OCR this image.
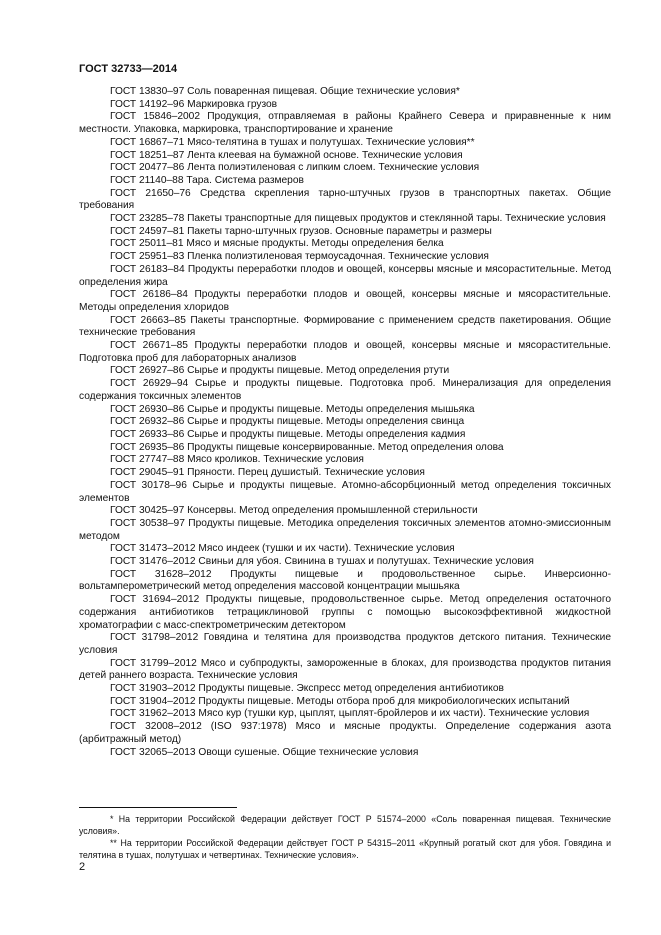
ГОСТ 32733—2014
ГОСТ 13830–97 Соль поваренная пищевая. Общие технические условия*
ГОСТ 14192–96 Маркировка грузов
ГОСТ 15846–2002 Продукция, отправляемая в районы Крайнего Севера и приравненные к ним местности. Упаковка, маркировка, транспортирование и хранение
ГОСТ 16867–71 Мясо-телятина в тушах и полутушах. Технические условия**
ГОСТ 18251–87 Лента клеевая на бумажной основе. Технические условия
ГОСТ 20477–86 Лента полиэтиленовая с липким слоем. Технические условия
ГОСТ 21140–88 Тара. Система размеров
ГОСТ 21650–76 Средства скрепления тарно-штучных грузов в транспортных пакетах. Общие требования
ГОСТ 23285–78 Пакеты транспортные для пищевых продуктов и стеклянной тары. Технические условия
ГОСТ 24597–81 Пакеты тарно-штучных грузов. Основные параметры и размеры
ГОСТ 25011–81 Мясо и мясные продукты. Методы определения белка
ГОСТ 25951–83 Пленка полиэтиленовая термоусадочная. Технические условия
ГОСТ 26183–84 Продукты переработки плодов и овощей, консервы мясные и мясорастительные. Метод определения жира
ГОСТ 26186–84 Продукты переработки плодов и овощей, консервы мясные и мясорастительные. Методы определения хлоридов
ГОСТ 26663–85 Пакеты транспортные. Формирование с применением средств пакетирования. Общие технические требования
ГОСТ 26671–85 Продукты переработки плодов и овощей, консервы мясные и мясорастительные. Подготовка проб для лабораторных анализов
ГОСТ 26927–86 Сырье и продукты пищевые. Метод определения ртути
ГОСТ 26929–94 Сырье и продукты пищевые. Подготовка проб. Минерализация для определения содержания токсичных элементов
ГОСТ 26930–86 Сырье и продукты пищевые. Методы определения мышьяка
ГОСТ 26932–86 Сырье и продукты пищевые. Методы определения свинца
ГОСТ 26933–86 Сырье и продукты пищевые. Методы определения кадмия
ГОСТ 26935–86 Продукты пищевые консервированные. Метод определения олова
ГОСТ 27747–88 Мясо кроликов. Технические условия
ГОСТ 29045–91 Пряности. Перец душистый. Технические условия
ГОСТ 30178–96 Сырье и продукты пищевые. Атомно-абсорбционный метод определения токсичных элементов
ГОСТ 30425–97 Консервы. Метод определения промышленной стерильности
ГОСТ 30538–97 Продукты пищевые. Методика определения токсичных элементов атомно-эмиссионным методом
ГОСТ 31473–2012 Мясо индеек (тушки и их части). Технические условия
ГОСТ 31476–2012 Свиньи для убоя. Свинина в тушах и полутушах. Технические условия
ГОСТ 31628–2012 Продукты пищевые и продовольственное сырье. Инверсионно-вольтамперометрический метод определения массовой концентрации мышьяка
ГОСТ 31694–2012 Продукты пищевые, продовольственное сырье. Метод определения остаточного содержания антибиотиков тетрациклиновой группы с помощью высокоэффективной жидкостной хроматографии с масс-спектрометрическим детектором
ГОСТ 31798–2012 Говядина и телятина для производства продуктов детского питания. Технические условия
ГОСТ 31799–2012 Мясо и субпродукты, замороженные в блоках, для производства продуктов питания детей раннего возраста. Технические условия
ГОСТ 31903–2012 Продукты пищевые. Экспресс метод определения антибиотиков
ГОСТ 31904–2012 Продукты пищевые. Методы отбора проб для микробиологических испытаний
ГОСТ 31962–2013 Мясо кур (тушки кур, цыплят, цыплят-бройлеров и их части). Технические условия
ГОСТ 32008–2012 (ISO 937:1978) Мясо и мясные продукты. Определение содержания азота (арбитражный метод)
ГОСТ 32065–2013 Овощи сушеные. Общие технические условия
* На территории Российской Федерации действует ГОСТ Р 51574–2000 «Соль поваренная пищевая. Технические условия».
** На территории Российской Федерации действует ГОСТ Р 54315–2011 «Крупный рогатый скот для убоя. Говядина и телятина в тушах, полутушах и четвертинах. Технические условия».
2
